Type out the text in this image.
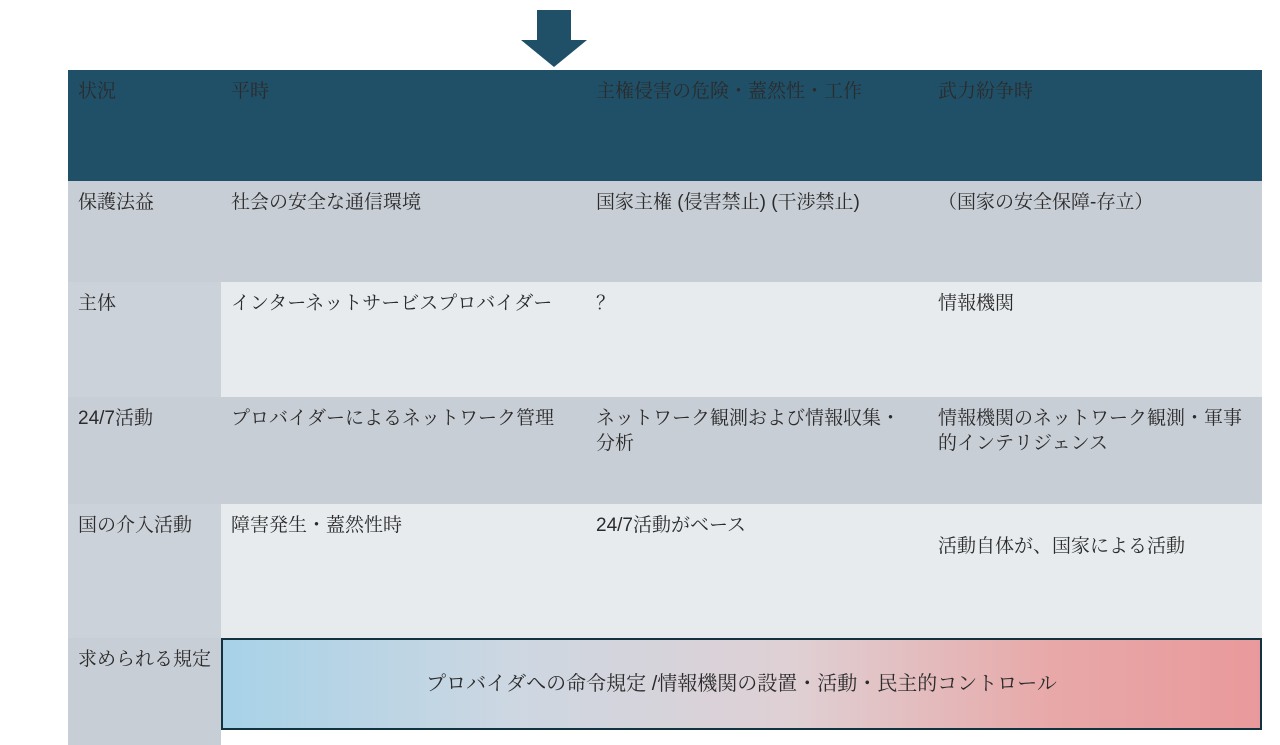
状況	平時	主権侵害の危険・蓋然性・工作	武力紛争時
保護法益	社会の安全な通信環境	国家主権 (侵害禁止) (干渉禁止)	（国家の安全保障-存立）
主体	インターネットサービスプロバイダー	？	情報機関
24/7活動	プロバイダーによるネットワーク管理	ネットワーク観測および情報収集・分析	情報機関のネットワーク観測・軍事的インテリジェンス
国の介入活動	障害発生・蓋然性時	24/7活動がベース	活動自体が、国家による活動
求められる規定	プロバイダへの命令規定 /情報機関の設置・活動・民主的コントロール		
